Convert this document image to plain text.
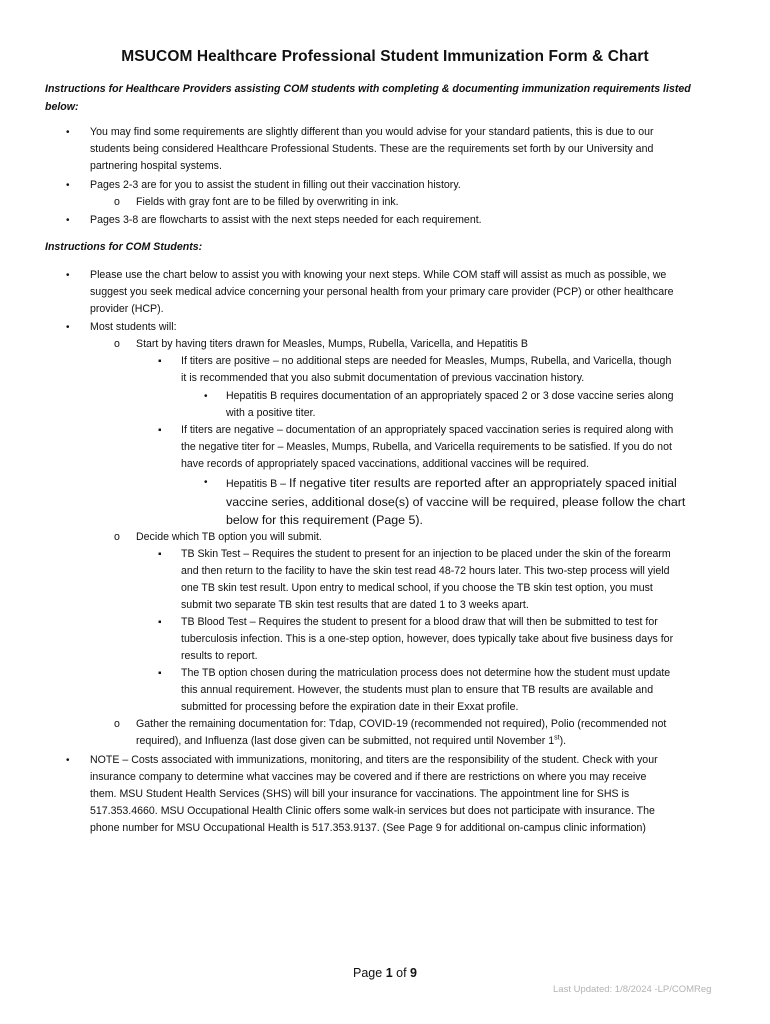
MSUCOM Healthcare Professional Student Immunization Form & Chart
Instructions for Healthcare Providers assisting COM students with completing & documenting immunization requirements listed
below:
• You may find some requirements are slightly different than you would advise for your standard patients, this is due to our
students being considered Healthcare Professional Students. These are the requirements set forth by our University and
partnering hospital systems.
• Pages 2-3 are for you to assist the student in filling out their vaccination history.
o Fields with gray font are to be filled by overwriting in ink.
• Pages 3-8 are flowcharts to assist with the next steps needed for each requirement.
Instructions for COM Students:
• Please use the chart below to assist you with knowing your next steps. While COM staff will assist as much as possible, we
suggest you seek medical advice concerning your personal health from your primary care provider (PCP) or other healthcare
provider (HCP).
• Most students will:
o Start by having titers drawn for Measles, Mumps, Rubella, Varicella, and Hepatitis B
▪ If titers are positive – no additional steps are needed for Measles, Mumps, Rubella, and Varicella, though
it is recommended that you also submit documentation of previous vaccination history.
• Hepatitis B requires documentation of an appropriately spaced 2 or 3 dose vaccine series along
with a positive titer.
▪ If titers are negative – documentation of an appropriately spaced vaccination series is required along with
the negative titer for – Measles, Mumps, Rubella, and Varicella requirements to be satisfied. If you do not
have records of appropriately spaced vaccinations, additional vaccines will be required.
• Hepatitis B – If negative titer results are reported after an appropriately spaced initial
vaccine series, additional dose(s) of vaccine will be required, please follow the chart
below for this requirement (Page 5).
o Decide which TB option you will submit.
▪ TB Skin Test – Requires the student to present for an injection to be placed under the skin of the forearm
and then return to the facility to have the skin test read 48-72 hours later. This two-step process will yield
one TB skin test result. Upon entry to medical school, if you choose the TB skin test option, you must
submit two separate TB skin test results that are dated 1 to 3 weeks apart.
▪ TB Blood Test – Requires the student to present for a blood draw that will then be submitted to test for
tuberculosis infection. This is a one-step option, however, does typically take about five business days for
results to report.
▪ The TB option chosen during the matriculation process does not determine how the student must update
this annual requirement. However, the students must plan to ensure that TB results are available and
submitted for processing before the expiration date in their Exxat profile.
o Gather the remaining documentation for: Tdap, COVID-19 (recommended not required), Polio (recommended not
required), and Influenza (last dose given can be submitted, not required until November 1st).
• NOTE – Costs associated with immunizations, monitoring, and titers are the responsibility of the student. Check with your
insurance company to determine what vaccines may be covered and if there are restrictions on where you may receive
them. MSU Student Health Services (SHS) will bill your insurance for vaccinations. The appointment line for SHS is
517.353.4660. MSU Occupational Health Clinic offers some walk-in services but does not participate with insurance. The
phone number for MSU Occupational Health is 517.353.9137. (See Page 9 for additional on-campus clinic information)
Page 1 of 9
Last Updated: 1/8/2024 -LP/COMReg
